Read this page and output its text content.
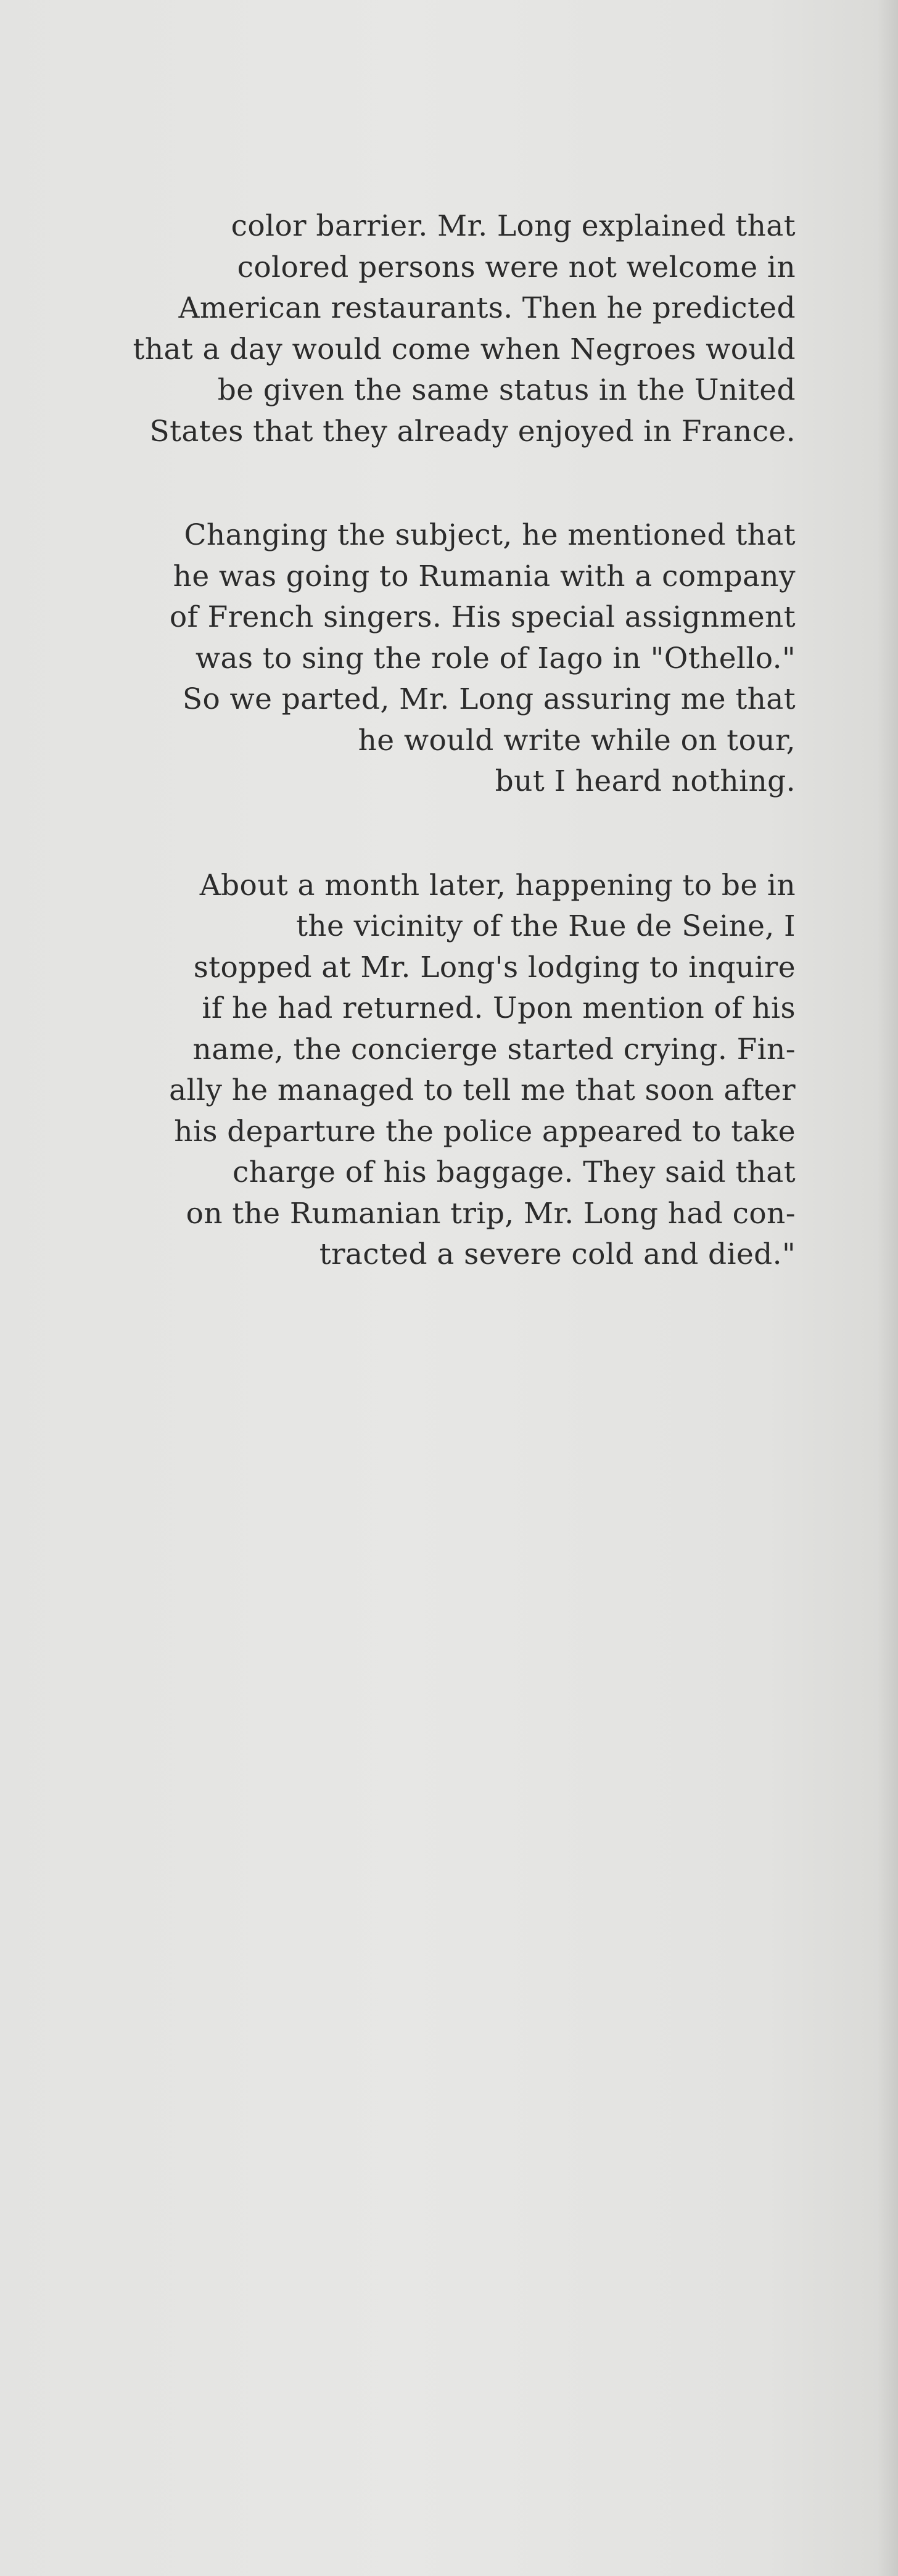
color barrier. Mr. Long explained that
colored persons were not welcome in
American restaurants. Then he predicted
that a day would come when Negroes would
be given the same status in the United
States that they already enjoyed in France.

Changing the subject, he mentioned that
he was going to Rumania with a company
of French singers. His special assignment
was to sing the role of Iago in "Othello."
So we parted, Mr. Long assuring me that
he would write while on tour,
but I heard nothing.

About a month later, happening to be in
the vicinity of the Rue de Seine, I
stopped at Mr. Long's lodging to inquire
if he had returned. Upon mention of his
name, the concierge started crying. Fin-
ally he managed to tell me that soon after
his departure the police appeared to take
charge of his baggage. They said that
on the Rumanian trip, Mr. Long had con-
tracted a severe cold and died."
